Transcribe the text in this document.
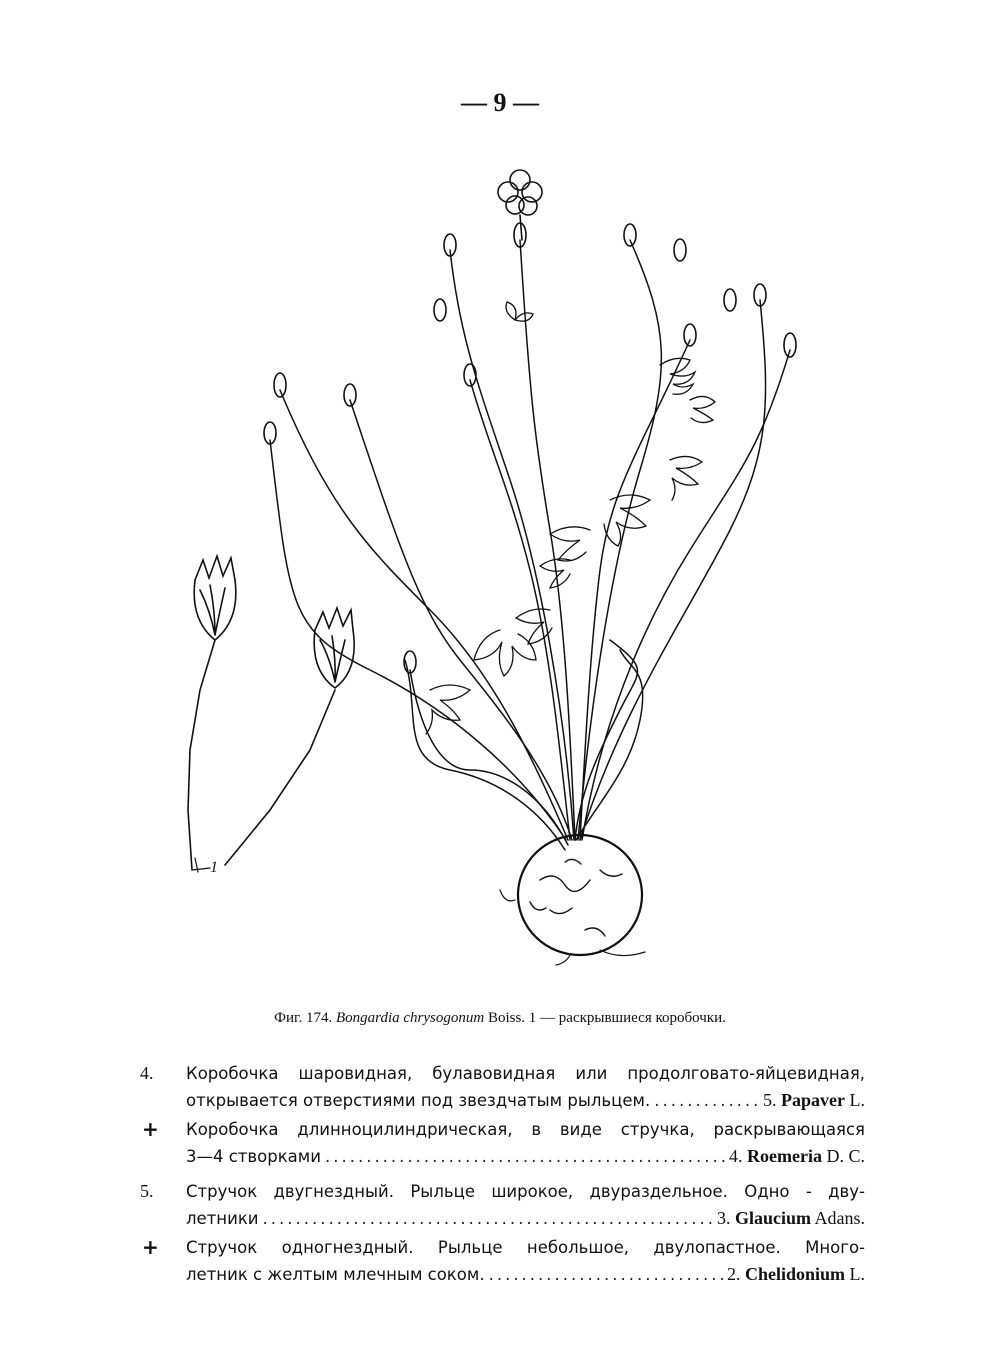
— 9 —
1
Фиг. 174. Bongardia chrysogonum Boiss. 1 — раскрывшиеся коробочки.
4.	Коробочка шаровидная, булавовидная или продолговато-яйцевидная,
открывается отверстиями под звездчатым рыльцем. .....	5. Papaver L.
+	Коробочка длинноцилиндрическая, в виде стручка, раскрывающаяся
3—4 створками .....	4. Roemeria D. C.
5.	Стручок двугнездный. Рыльце широкое, двураздельное. Одно - дву-
летники .....	3. Glaucium Adans.
+	Стручок одногнездный. Рыльце небольшое, двулопастное. Много-
летник с желтым млечным соком. .....	2. Chelidonium L.
